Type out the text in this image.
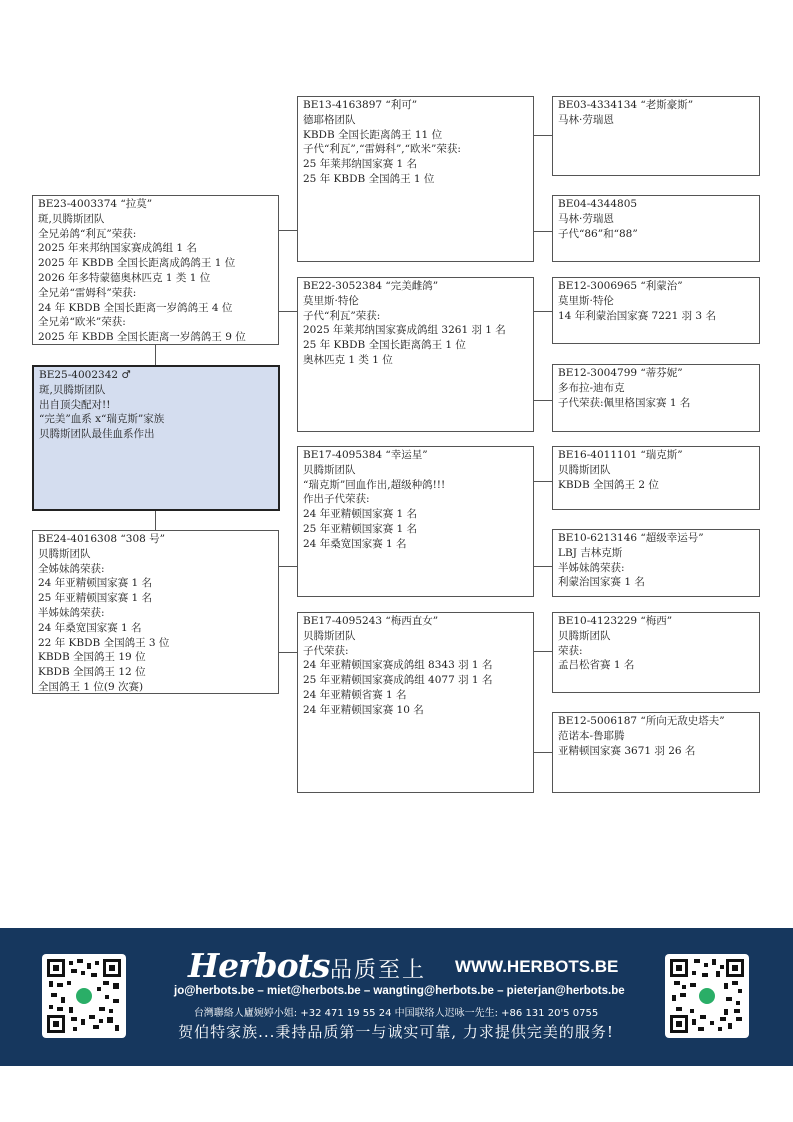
BE25-4002342 ♂
斑,贝腾斯团队
出自顶尖配对!!
“完美”血系 x“瑞克斯”家族
贝腾斯团队最佳血系作出
BE23-4003374 “拉莫”
斑,贝腾斯团队
全兄弟鸽“利瓦”荣获:
2025 年来邦纳国家赛成鸽组 1 名
2025 年 KBDB 全国长距离成鸽鸽王 1 位
2026 年多特蒙德奥林匹克 1 类 1 位
全兄弟“雷姆科”荣获:
24 年 KBDB 全国长距离一岁鸽鸽王 4 位
全兄弟“欧米”荣获:
2025 年 KBDB 全国长距离一岁鸽鸽王 9 位
BE24-4016308 “308 号”
贝腾斯团队
全姊妹鸽荣获:
24 年亚精顿国家赛 1 名
25 年亚精顿国家赛 1 名
半姊妹鸽荣获:
24 年桑宽国家赛 1 名
22 年 KBDB 全国鸽王 3 位
KBDB 全国鸽王 19 位
KBDB 全国鸽王 12 位
全国鸽王 1 位(9 次赛)
BE13-4163897 “利可”
德耶格团队
KBDB 全国长距离鸽王 11 位
子代“利瓦”,“雷姆科”,“欧米”荣获:
25 年莱邦纳国家赛 1 名
25 年 KBDB 全国鸽王 1 位
BE22-3052384 “完美雌鸽”
莫里斯·特伦
子代“利瓦”荣获:
2025 年莱邦纳国家赛成鸽组 3261 羽 1 名
25 年 KBDB 全国长距离鸽王 1 位
奥林匹克 1 类 1 位
BE17-4095384 “幸运星”
贝腾斯团队
“瑞克斯”回血作出,超级种鸽!!!
作出子代荣获:
24 年亚精顿国家赛 1 名
25 年亚精顿国家赛 1 名
24 年桑宽国家赛 1 名
BE17-4095243 “梅西直女”
贝腾斯团队
子代荣获:
24 年亚精顿国家赛成鸽组 8343 羽 1 名
25 年亚精顿国家赛成鸽组 4077 羽 1 名
24 年亚精顿省赛 1 名
24 年亚精顿国家赛 10 名
BE03-4334134 “老斯豪斯”
马林·劳瑞恩
BE04-4344805
马林·劳瑞恩
子代“86”和“88”
BE12-3006965 “利蒙治”
莫里斯·特伦
14 年利蒙治国家赛 7221 羽 3 名
BE12-3004799 “蒂芬妮”
多布拉-迪布克
子代荣获:佩里格国家赛 1 名
BE16-4011101 “瑞克斯”
贝腾斯团队
KBDB 全国鸽王 2 位
BE10-6213146 “超级幸运号”
LBJ 吉林克斯
半姊妹鸽荣获:
利蒙治国家赛 1 名
BE10-4123229 “梅西”
贝腾斯团队
荣获:
孟吕松省赛 1 名
BE12-5006187 “所向无敌史塔夫”
范诺本-鲁耶腾
亚精顿国家赛 3671 羽 26 名
Herbots 品质至上 WWW.HERBOTS.BE
jo@herbots.be – miet@herbots.be – wangting@herbots.be – pieterjan@herbots.be
台灣聯絡人廬婉婷小姐: +32 471 19 55 24 中国联络人迟咏一先生: +86 131 20'5 0755
贺伯特家族...秉持品质第一与诚实可靠, 力求提供完美的服务!
